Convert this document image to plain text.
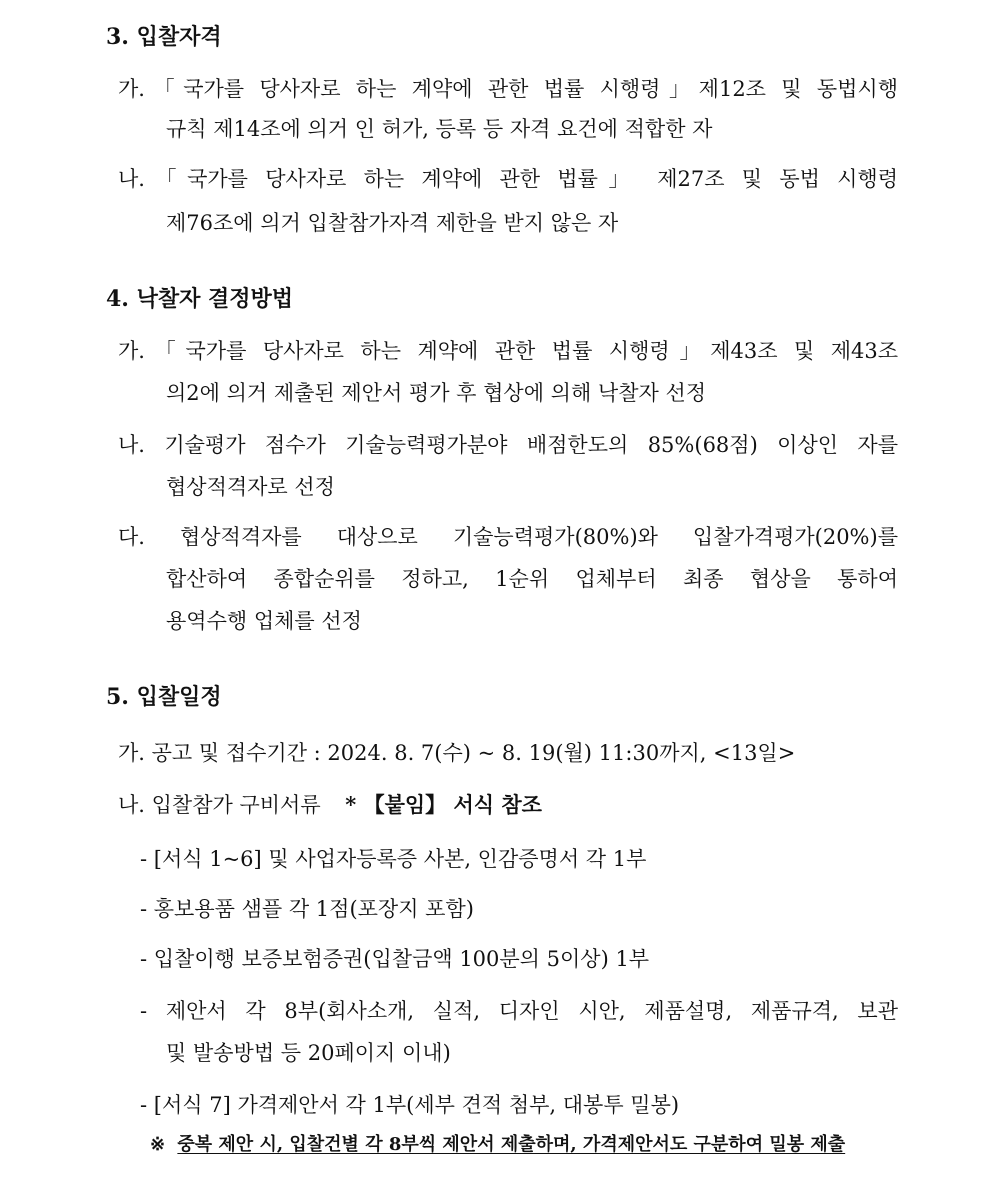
3. 입찰자격
가.「국가를 당사자로 하는 계약에 관한 법률 시행령」제12조 및 동법시행
규칙 제14조에 의거 인 허가, 등록 등 자격 요건에 적합한 자
나.「국가를 당사자로 하는 계약에 관한 법률」 제27조 및 동법 시행령
제76조에 의거 입찰참가자격 제한을 받지 않은 자
4. 낙찰자 결정방법
가.「국가를 당사자로 하는 계약에 관한 법률 시행령」제43조 및 제43조
의2에 의거 제출된 제안서 평가 후 협상에 의해 낙찰자 선정
나. 기술평가 점수가 기술능력평가분야 배점한도의 85%(68점) 이상인 자를
협상적격자로 선정
다. 협상적격자를 대상으로 기술능력평가(80%)와 입찰가격평가(20%)를
합산하여 종합순위를 정하고, 1순위 업체부터 최종 협상을 통하여
용역수행 업체를 선정
5. 입찰일정
가. 공고 및 접수기간 : 2024. 8. 7(수) ~ 8. 19(월) 11:30까지, <13일>
나. 입찰참가 구비서류 * 【붙임】 서식 참조
- [서식 1~6] 및 사업자등록증 사본, 인감증명서 각 1부
- 홍보용품 샘플 각 1점(포장지 포함)
- 입찰이행 보증보험증권(입찰금액 100분의 5이상) 1부
- 제안서 각 8부(회사소개, 실적, 디자인 시안, 제품설명, 제품규격, 보관
및 발송방법 등 20페이지 이내)
- [서식 7] 가격제안서 각 1부(세부 견적 첨부, 대봉투 밀봉)
※ 중복 제안 시, 입찰건별 각 8부씩 제안서 제출하며, 가격제안서도 구분하여 밀봉 제출
